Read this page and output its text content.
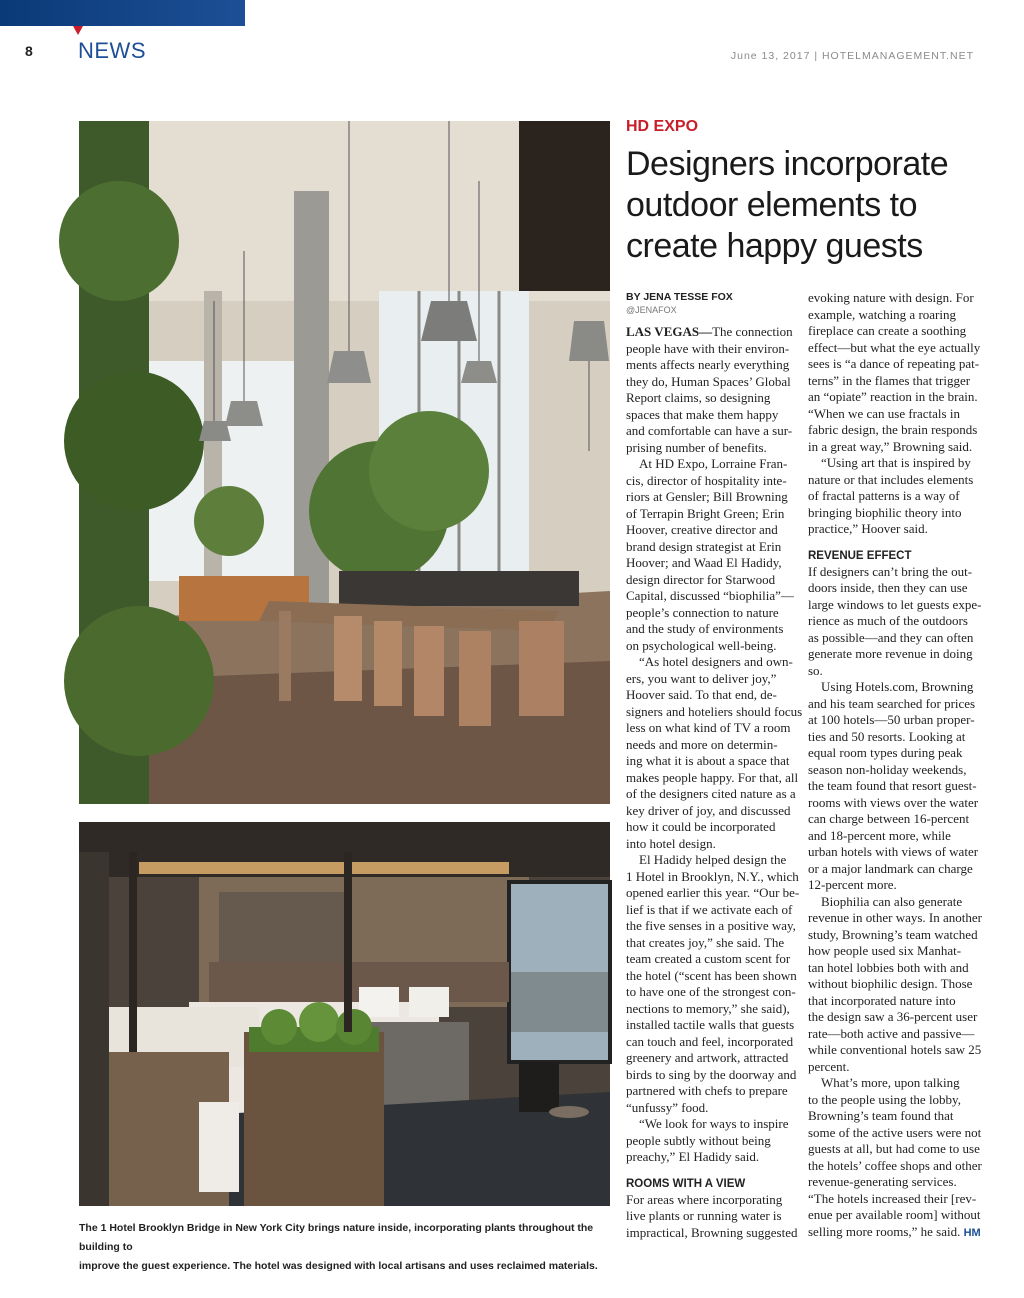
8 NEWS	June 13, 2017 | HOTELMANAGEMENT.NET
The 1 Hotel Brooklyn Bridge in New York City brings nature inside, incorporating plants throughout the building to
improve the guest experience. The hotel was designed with local artisans and uses reclaimed materials.
HD EXPO
Designers incorporate
outdoor elements to
create happy guests
BY JENA TESSE FOX
@JENAFOX
LAS VEGAS—The connection
people have with their environ-
ments affects nearly everything
they do, Human Spaces’ Global
Report claims, so designing
spaces that make them happy
and comfortable can have a sur-
prising number of benefits.
 At HD Expo, Lorraine Fran-
cis, director of hospitality inte-
riors at Gensler; Bill Browning
of Terrapin Bright Green; Erin
Hoover, creative director and
brand design strategist at Erin
Hoover; and Waad El Hadidy,
design director for Starwood
Capital, discussed “biophilia”—
people’s connection to nature
and the study of environments
on psychological well-being.
 “As hotel designers and own-
ers, you want to deliver joy,”
Hoover said. To that end, de-
signers and hoteliers should focus
less on what kind of TV a room
needs and more on determin-
ing what it is about a space that
makes people happy. For that, all
of the designers cited nature as a
key driver of joy, and discussed
how it could be incorporated
into hotel design.
 El Hadidy helped design the
1 Hotel in Brooklyn, N.Y., which
opened earlier this year. “Our be-
lief is that if we activate each of
the five senses in a positive way,
that creates joy,” she said. The
team created a custom scent for
the hotel (“scent has been shown
to have one of the strongest con-
nections to memory,” she said),
installed tactile walls that guests
can touch and feel, incorporated
greenery and artwork, attracted
birds to sing by the doorway and
partnered with chefs to prepare
“unfussy” food.
 “We look for ways to inspire
people subtly without being
preachy,” El Hadidy said.
ROOMS WITH A VIEW
For areas where incorporating
live plants or running water is
impractical, Browning suggested
evoking nature with design. For
example, watching a roaring
fireplace can create a soothing
effect—but what the eye actually
sees is “a dance of repeating pat-
terns” in the flames that trigger
an “opiate” reaction in the brain.
“When we can use fractals in
fabric design, the brain responds
in a great way,” Browning said.
 “Using art that is inspired by
nature or that includes elements
of fractal patterns is a way of
bringing biophilic theory into
practice,” Hoover said.
REVENUE EFFECT
If designers can’t bring the out-
doors inside, then they can use
large windows to let guests expe-
rience as much of the outdoors
as possible—and they can often
generate more revenue in doing
so.
 Using Hotels.com, Browning
and his team searched for prices
at 100 hotels—50 urban proper-
ties and 50 resorts. Looking at
equal room types during peak
season non-holiday weekends,
the team found that resort guest-
rooms with views over the water
can charge between 16-percent
and 18-percent more, while
urban hotels with views of water
or a major landmark can charge
12-percent more.
 Biophilia can also generate
revenue in other ways. In another
study, Browning’s team watched
how people used six Manhat-
tan hotel lobbies both with and
without biophilic design. Those
that incorporated nature into
the design saw a 36-percent user
rate—both active and passive—
while conventional hotels saw 25
percent.
 What’s more, upon talking
to the people using the lobby,
Browning’s team found that
some of the active users were not
guests at all, but had come to use
the hotels’ coffee shops and other
revenue-generating services.
“The hotels increased their [rev-
enue per available room] without
selling more rooms,” he said. HM
